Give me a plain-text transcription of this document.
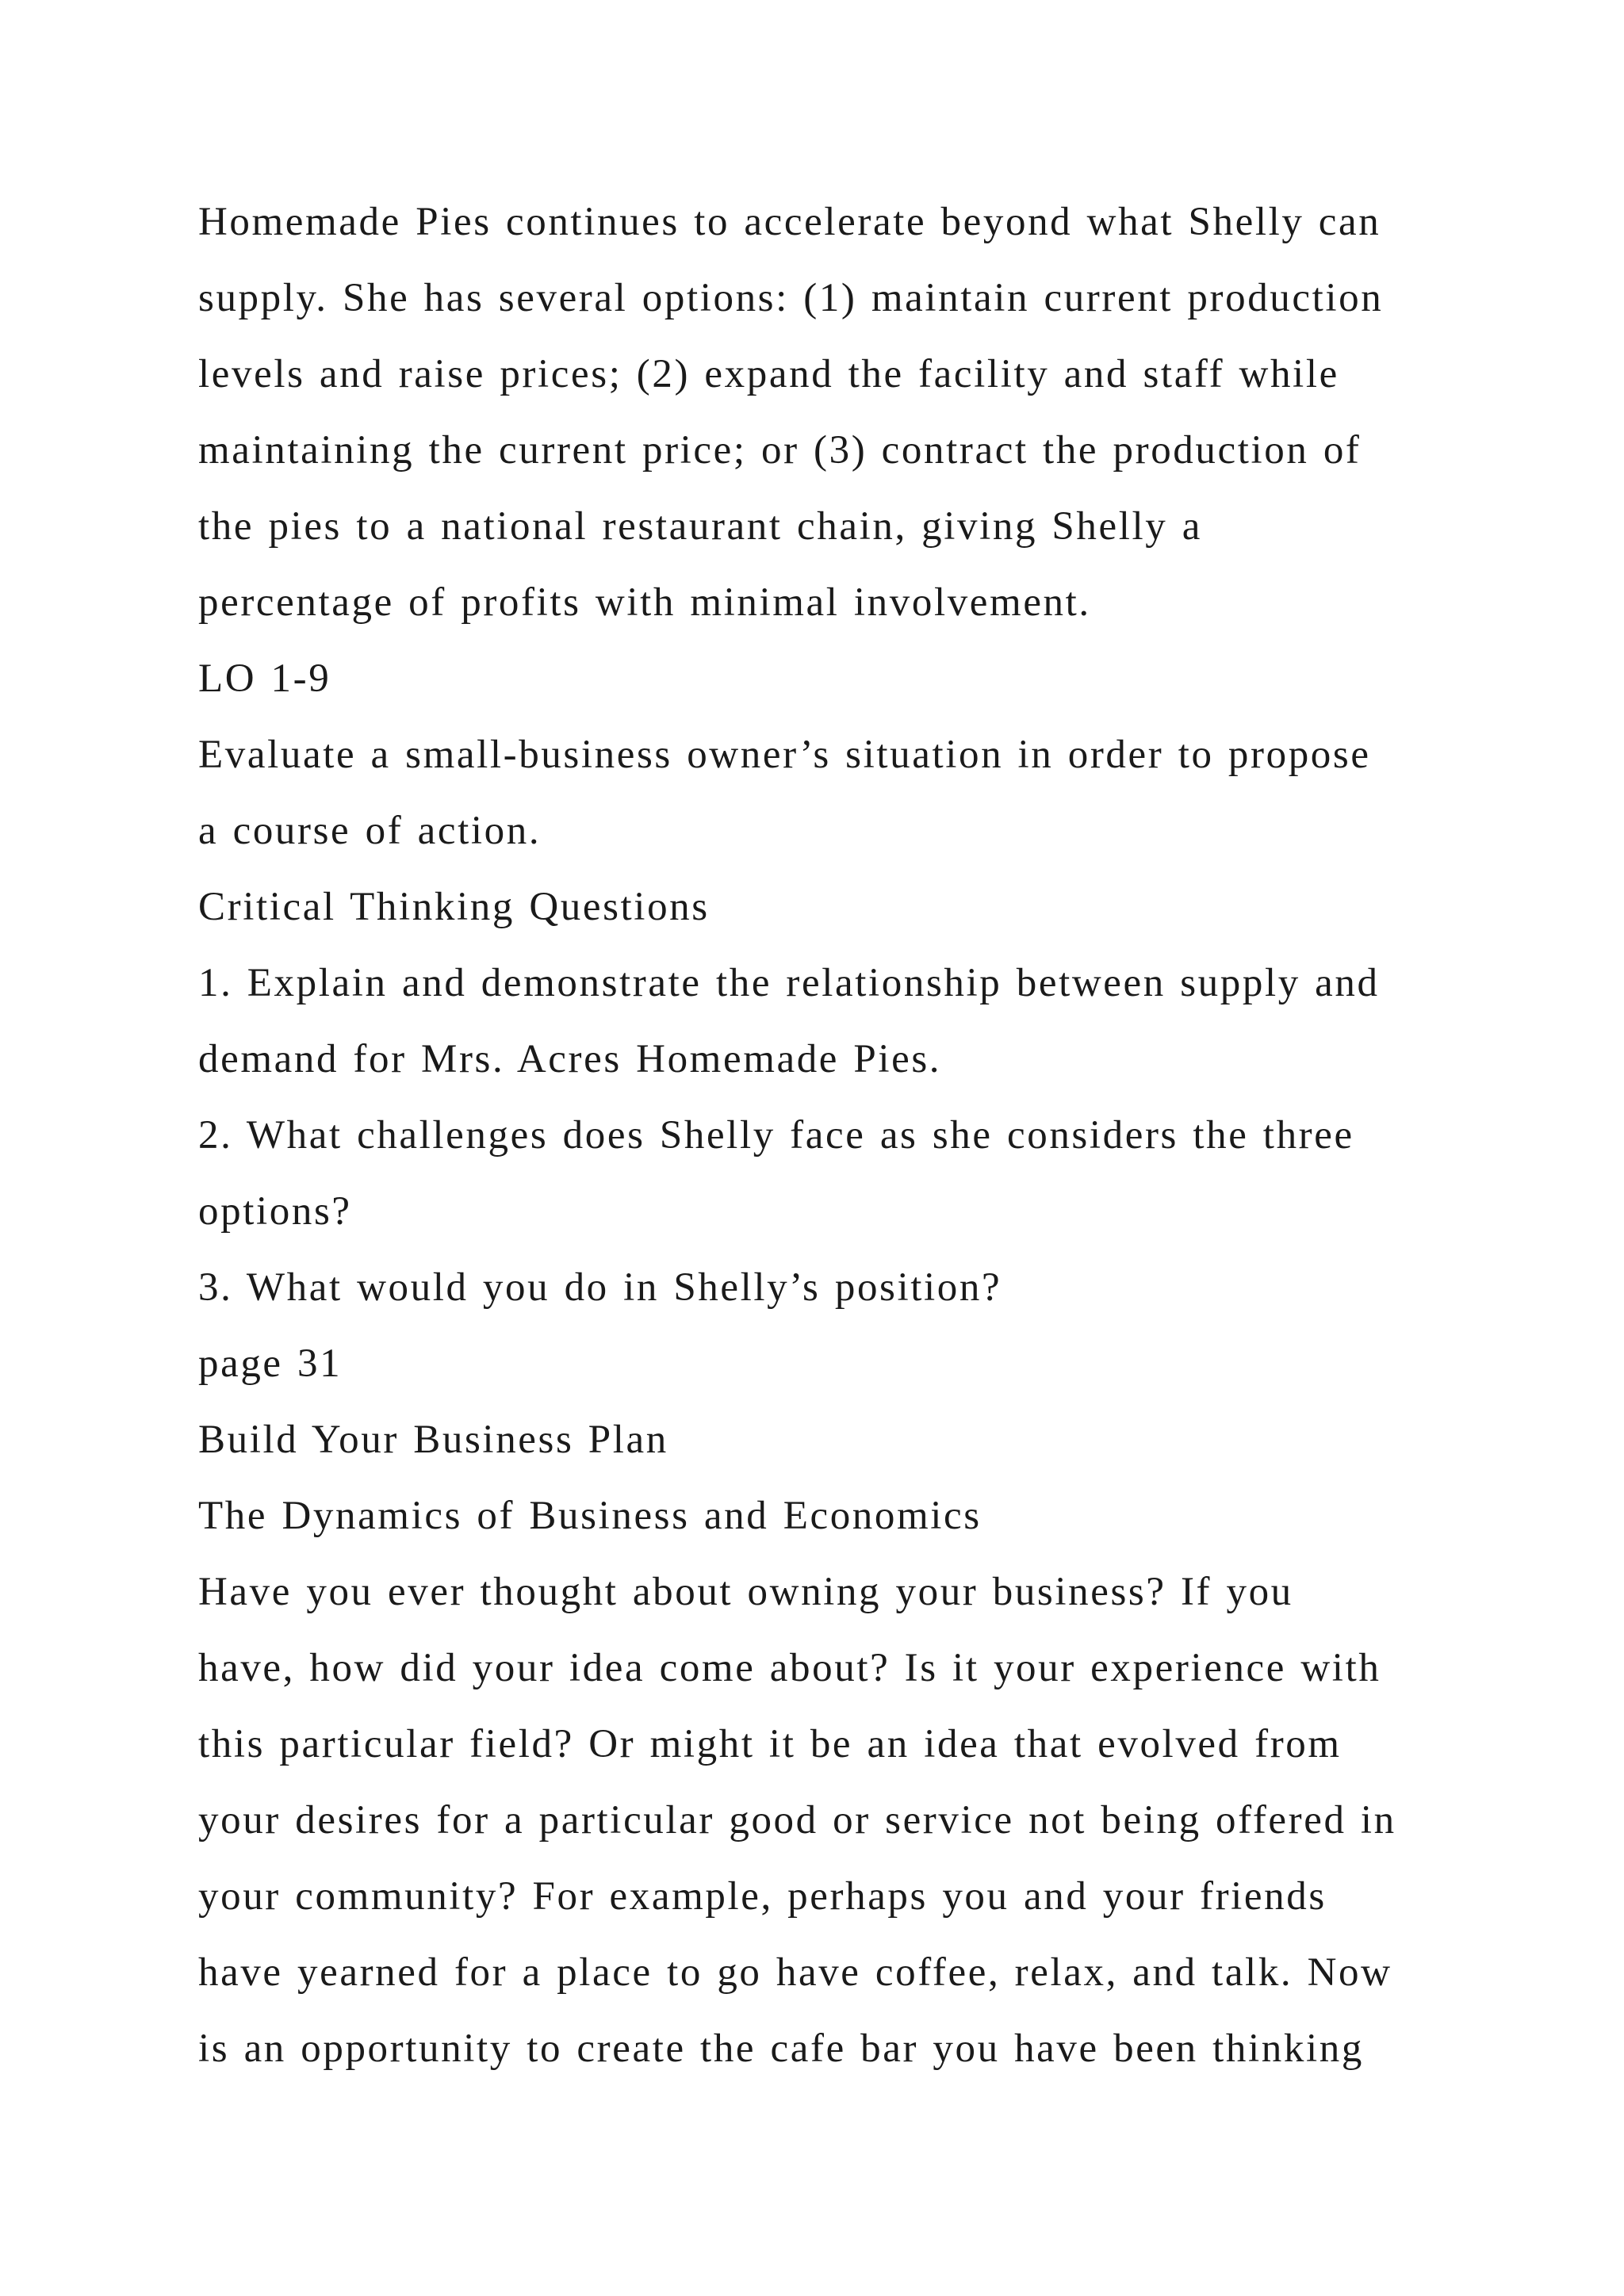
Homemade Pies continues to accelerate beyond what Shelly can

supply. She has several options: (1) maintain current production

levels and raise prices; (2) expand the facility and staff while

maintaining the current price; or (3) contract the production of

the pies to a national restaurant chain, giving Shelly a

percentage of profits with minimal involvement.

LO 1-9

Evaluate a small-business owner’s situation in order to propose

a course of action.

Critical Thinking Questions

1. Explain and demonstrate the relationship between supply and

demand for Mrs. Acres Homemade Pies.

2. What challenges does Shelly face as she considers the three

options?

3. What would you do in Shelly’s position?

page 31

Build Your Business Plan

The Dynamics of Business and Economics

Have you ever thought about owning your business? If you

have, how did your idea come about? Is it your experience with

this particular field? Or might it be an idea that evolved from

your desires for a particular good or service not being offered in

your community? For example, perhaps you and your friends

have yearned for a place to go have coffee, relax, and talk. Now

is an opportunity to create the cafe bar you have been thinking
